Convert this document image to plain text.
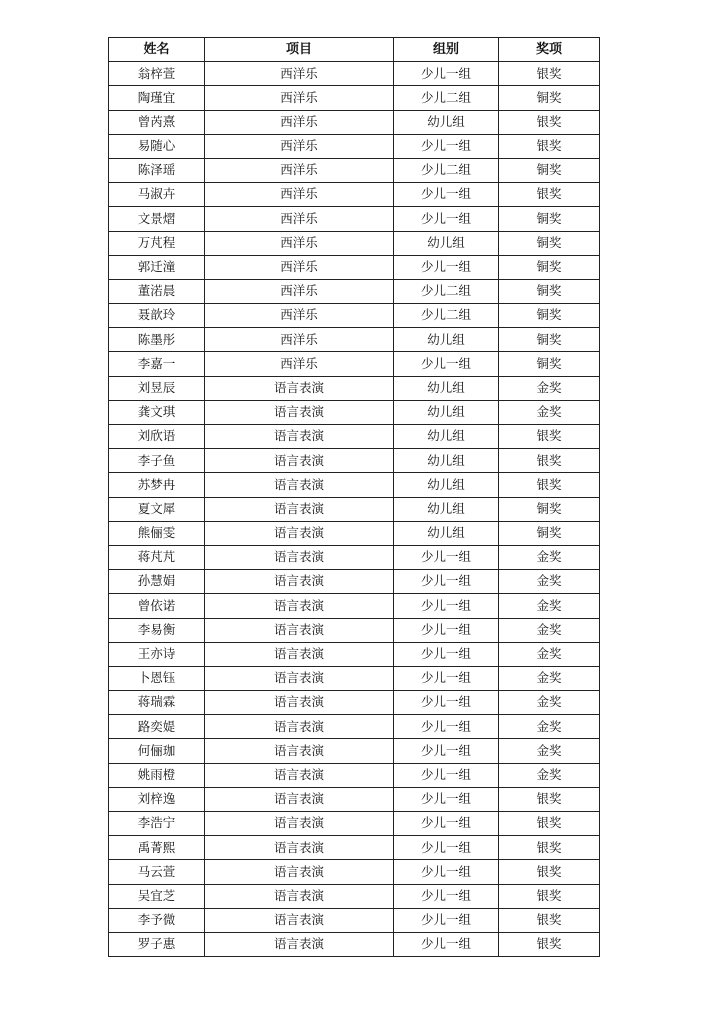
姓名	项目	组别	奖项
翁梓萱	西洋乐	少儿一组	银奖
陶瑾宜	西洋乐	少儿二组	铜奖
曾芮熹	西洋乐	幼儿组	银奖
易随心	西洋乐	少儿一组	银奖
陈泽瑶	西洋乐	少儿二组	铜奖
马淑卉	西洋乐	少儿一组	银奖
文景熠	西洋乐	少儿一组	铜奖
万芃程	西洋乐	幼儿组	铜奖
郭迁潼	西洋乐	少儿一组	铜奖
董渃晨	西洋乐	少儿二组	铜奖
聂歆玲	西洋乐	少儿二组	铜奖
陈墨彤	西洋乐	幼儿组	铜奖
李嘉一	西洋乐	少儿一组	铜奖
刘昱辰	语言表演	幼儿组	金奖
龚文琪	语言表演	幼儿组	金奖
刘欣语	语言表演	幼儿组	银奖
李子鱼	语言表演	幼儿组	银奖
苏梦冉	语言表演	幼儿组	银奖
夏文犀	语言表演	幼儿组	铜奖
熊俪雯	语言表演	幼儿组	铜奖
蒋芃芃	语言表演	少儿一组	金奖
孙慧娟	语言表演	少儿一组	金奖
曾依诺	语言表演	少儿一组	金奖
李易衡	语言表演	少儿一组	金奖
王亦诗	语言表演	少儿一组	金奖
卜恩钰	语言表演	少儿一组	金奖
蒋瑞霖	语言表演	少儿一组	金奖
路奕媞	语言表演	少儿一组	金奖
何俪珈	语言表演	少儿一组	金奖
姚雨橙	语言表演	少儿一组	金奖
刘梓逸	语言表演	少儿一组	银奖
李浩宁	语言表演	少儿一组	银奖
禹菁熙	语言表演	少儿一组	银奖
马云萱	语言表演	少儿一组	银奖
吴宜芝	语言表演	少儿一组	银奖
李予微	语言表演	少儿一组	银奖
罗子惠	语言表演	少儿一组	银奖
